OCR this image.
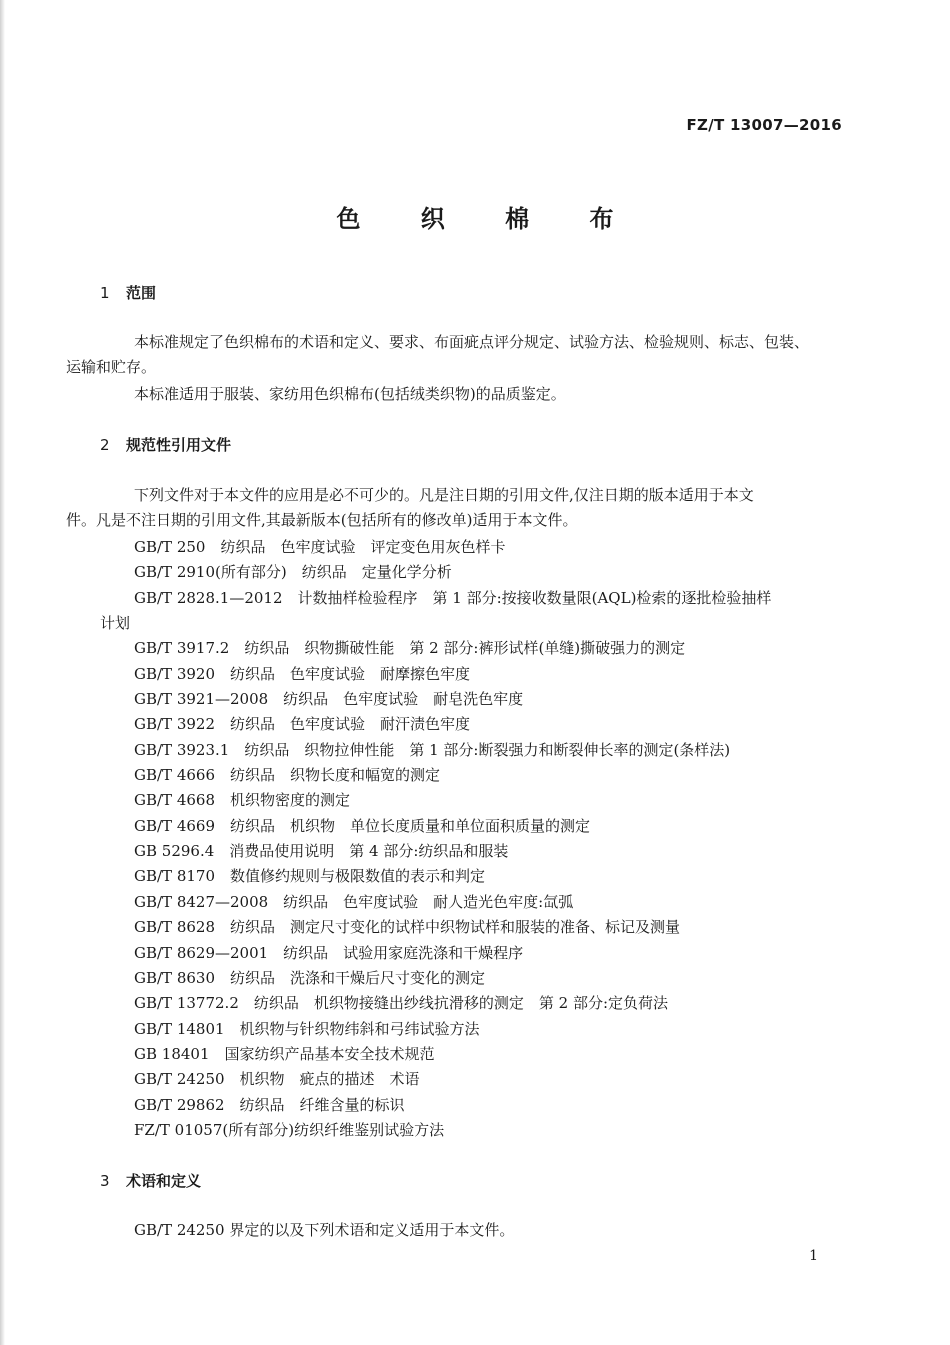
FZ/T 13007—2016
色 织 棉 布
1 范围
本标准规定了色织棉布的术语和定义、要求、布面疵点评分规定、试验方法、检验规则、标志、包装、
运输和贮存。
本标准适用于服装、家纺用色织棉布(包括绒类织物)的品质鉴定。
2 规范性引用文件
下列文件对于本文件的应用是必不可少的。凡是注日期的引用文件,仅注日期的版本适用于本文
件。凡是不注日期的引用文件,其最新版本(包括所有的修改单)适用于本文件。
GB/T 250　纺织品　色牢度试验　评定变色用灰色样卡
GB/T 2910(所有部分)　纺织品　定量化学分析
GB/T 2828.1—2012　计数抽样检验程序　第 1 部分:按接收数量限(AQL)检索的逐批检验抽样
计划
GB/T 3917.2　纺织品　织物撕破性能　第 2 部分:裤形试样(单缝)撕破强力的测定
GB/T 3920　纺织品　色牢度试验　耐摩擦色牢度
GB/T 3921—2008　纺织品　色牢度试验　耐皂洗色牢度
GB/T 3922　纺织品　色牢度试验　耐汗渍色牢度
GB/T 3923.1　纺织品　织物拉伸性能　第 1 部分:断裂强力和断裂伸长率的测定(条样法)
GB/T 4666　纺织品　织物长度和幅宽的测定
GB/T 4668　机织物密度的测定
GB/T 4669　纺织品　机织物　单位长度质量和单位面积质量的测定
GB 5296.4　消费品使用说明　第 4 部分:纺织品和服装
GB/T 8170　数值修约规则与极限数值的表示和判定
GB/T 8427—2008　纺织品　色牢度试验　耐人造光色牢度:氙弧
GB/T 8628　纺织品　测定尺寸变化的试样中织物试样和服装的准备、标记及测量
GB/T 8629—2001　纺织品　试验用家庭洗涤和干燥程序
GB/T 8630　纺织品　洗涤和干燥后尺寸变化的测定
GB/T 13772.2　纺织品　机织物接缝出纱线抗滑移的测定　第 2 部分:定负荷法
GB/T 14801　机织物与针织物纬斜和弓纬试验方法
GB 18401　国家纺织产品基本安全技术规范
GB/T 24250　机织物　疵点的描述　术语
GB/T 29862　纺织品　纤维含量的标识
FZ/T 01057(所有部分)纺织纤维鉴别试验方法
3 术语和定义
GB/T 24250 界定的以及下列术语和定义适用于本文件。
1
